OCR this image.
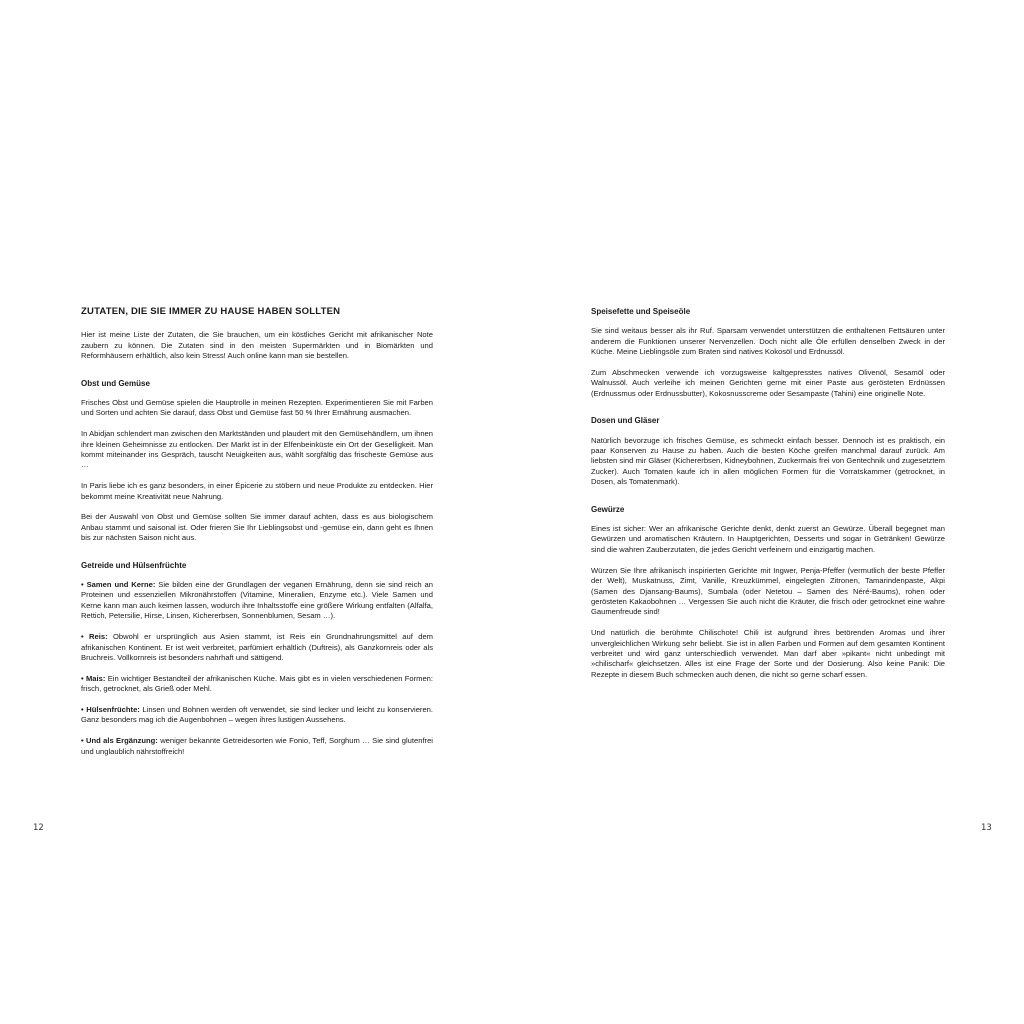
ZUTATEN, DIE SIE IMMER ZU HAUSE HABEN SOLLTEN

Hier ist meine Liste der Zutaten, die Sie brauchen, um ein köstliches Gericht mit afrikanischer Note zaubern zu können. Die Zutaten sind in den meisten Supermärkten und in Biomärkten und Reformhäusern erhältlich, also kein Stress! Auch online kann man sie bestellen.

Obst und Gemüse

Frisches Obst und Gemüse spielen die Hauptrolle in meinen Rezepten. Experimentieren Sie mit Farben und Sorten und achten Sie darauf, dass Obst und Gemüse fast 50 % Ihrer Ernährung ausmachen.

In Abidjan schlendert man zwischen den Marktständen und plaudert mit den Gemüsehändlern, um ihnen ihre kleinen Geheimnisse zu entlocken. Der Markt ist in der Elfenbeinküste ein Ort der Geselligkeit. Man kommt miteinander ins Gespräch, tauscht Neuigkeiten aus, wählt sorgfältig das frischeste Gemüse aus …

In Paris liebe ich es ganz besonders, in einer Épicerie zu stöbern und neue Produkte zu entdecken. Hier bekommt meine Kreativität neue Nahrung.

Bei der Auswahl von Obst und Gemüse sollten Sie immer darauf achten, dass es aus biologischem Anbau stammt und saisonal ist. Oder frieren Sie Ihr Lieblingsobst und -gemüse ein, dann geht es Ihnen bis zur nächsten Saison nicht aus.

Getreide und Hülsenfrüchte

• Samen und Kerne: Sie bilden eine der Grundlagen der veganen Ernährung, denn sie sind reich an Proteinen und essenziellen Mikronährstoffen (Vitamine, Mineralien, Enzyme etc.). Viele Samen und Kerne kann man auch keimen lassen, wodurch ihre Inhaltsstoffe eine größere Wirkung entfalten (Alfalfa, Rettich, Petersilie, Hirse, Linsen, Kichererbsen, Sonnenblumen, Sesam …).

• Reis: Obwohl er ursprünglich aus Asien stammt, ist Reis ein Grundnahrungsmittel auf dem afrikanischen Kontinent. Er ist weit verbreitet, parfümiert erhältlich (Duftreis), als Ganzkornreis oder als Bruchreis. Vollkornreis ist besonders nahrhaft und sättigend.

• Mais: Ein wichtiger Bestandteil der afrikanischen Küche. Mais gibt es in vielen verschiedenen Formen: frisch, getrocknet, als Grieß oder Mehl.

• Hülsenfrüchte: Linsen und Bohnen werden oft verwendet, sie sind lecker und leicht zu konservieren. Ganz besonders mag ich die Augenbohnen – wegen ihres lustigen Aussehens.

• Und als Ergänzung: weniger bekannte Getreidesorten wie Fonio, Teff, Sorghum … Sie sind glutenfrei und unglaublich nährstoffreich!

12
Speisefette und Speiseöle

Sie sind weitaus besser als ihr Ruf. Sparsam verwendet unterstützen die enthaltenen Fettsäuren unter anderem die Funktionen unserer Nervenzellen. Doch nicht alle Öle erfüllen denselben Zweck in der Küche. Meine Lieblingsöle zum Braten sind natives Kokosöl und Erdnussöl.

Zum Abschmecken verwende ich vorzugsweise kaltgepresstes natives Olivenöl, Sesamöl oder Walnussöl. Auch verleihe ich meinen Gerichten gerne mit einer Paste aus gerösteten Erdnüssen (Erdnussmus oder Erdnussbutter), Kokosnusscreme oder Sesampaste (Tahini) eine originelle Note.

Dosen und Gläser

Natürlich bevorzuge ich frisches Gemüse, es schmeckt einfach besser. Dennoch ist es praktisch, ein paar Konserven zu Hause zu haben. Auch die besten Köche greifen manchmal darauf zurück. Am liebsten sind mir Gläser (Kichererbsen, Kidneybohnen, Zuckermais frei von Gentechnik und zugesetztem Zucker). Auch Tomaten kaufe ich in allen möglichen Formen für die Vorratskammer (getrocknet, in Dosen, als Tomatenmark).

Gewürze

Eines ist sicher: Wer an afrikanische Gerichte denkt, denkt zuerst an Gewürze. Überall begegnet man Gewürzen und aromatischen Kräutern. In Hauptgerichten, Desserts und sogar in Getränken! Gewürze sind die wahren Zauberzutaten, die jedes Gericht verfeinern und einzigartig machen.

Würzen Sie Ihre afrikanisch inspirierten Gerichte mit Ingwer, Penja-Pfeffer (vermutlich der beste Pfeffer der Welt), Muskatnuss, Zimt, Vanille, Kreuzkümmel, eingelegten Zitronen, Tamarindenpaste, Akpi (Samen des Djansang-Baums), Sumbala (oder Netetou – Samen des Néré-Baums), rohen oder gerösteten Kakaobohnen … Vergessen Sie auch nicht die Kräuter, die frisch oder getrocknet eine wahre Gaumenfreude sind!

Und natürlich die berühmte Chilischote! Chili ist aufgrund ihres betörenden Aromas und ihrer unvergleichlichen Wirkung sehr beliebt. Sie ist in allen Farben und Formen auf dem gesamten Kontinent verbreitet und wird ganz unterschiedlich verwendet. Man darf aber »pikant« nicht unbedingt mit »chilischarf« gleichsetzen. Alles ist eine Frage der Sorte und der Dosierung. Also keine Panik: Die Rezepte in diesem Buch schmecken auch denen, die nicht so gerne scharf essen.

13
